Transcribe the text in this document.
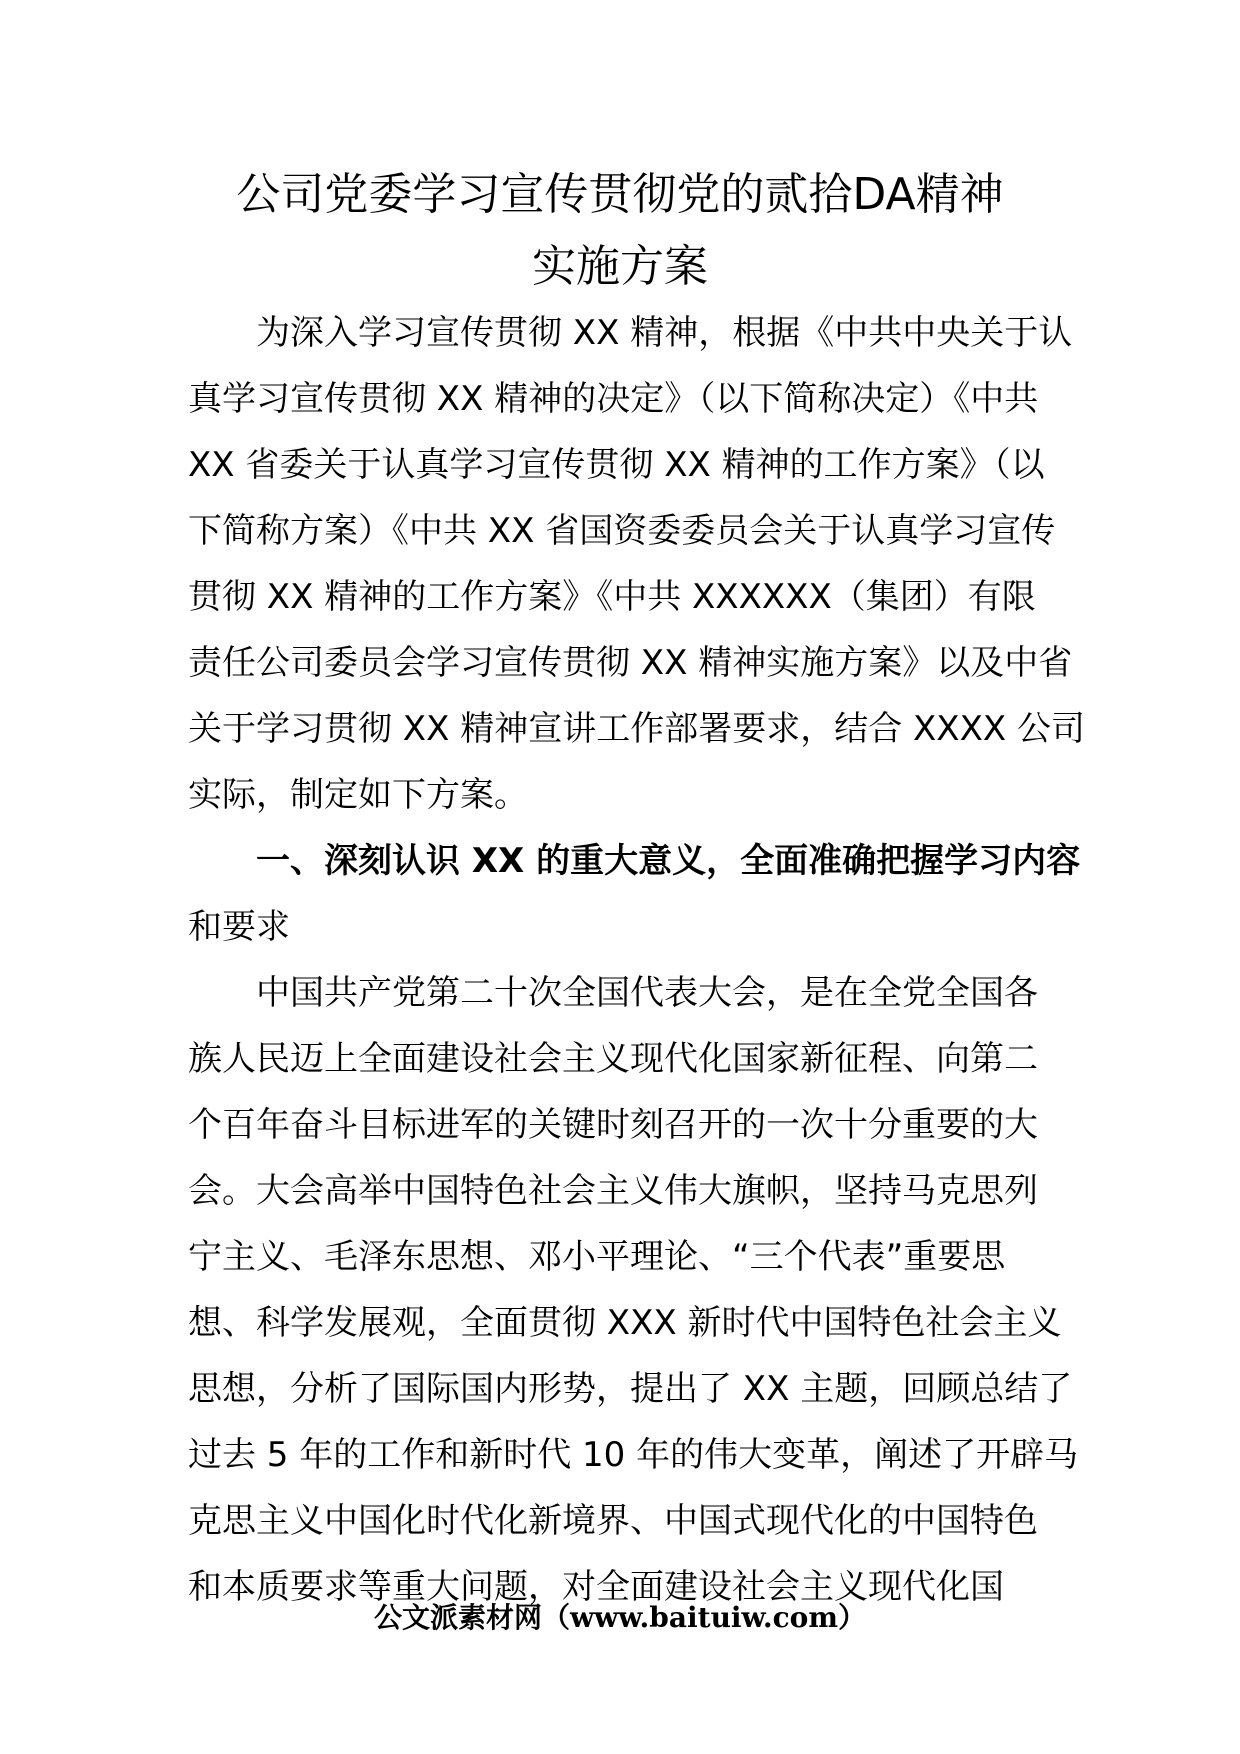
公司党委学习宣传贯彻党的贰拾DA精神
实施方案
为深入学习宣传贯彻 XX 精神，根据《中共中央关于认
真学习宣传贯彻 XX 精神的决定》（以下简称决定）《中共
XX 省委关于认真学习宣传贯彻 XX 精神的工作方案》（以
下简称方案）《中共 XX 省国资委委员会关于认真学习宣传
贯彻 XX 精神的工作方案》《中共 XXXXXX（集团）有限
责任公司委员会学习宣传贯彻 XX 精神实施方案》以及中省
关于学习贯彻 XX 精神宣讲工作部署要求，结合 XXXX 公司
实际，制定如下方案。
一、深刻认识 XX 的重大意义，全面准确把握学习内容
和要求
中国共产党第二十次全国代表大会，是在全党全国各
族人民迈上全面建设社会主义现代化国家新征程、向第二
个百年奋斗目标进军的关键时刻召开的一次十分重要的大
会。大会高举中国特色社会主义伟大旗帜，坚持马克思列
宁主义、毛泽东思想、邓小平理论、“三个代表”重要思
想、科学发展观，全面贯彻 XXX 新时代中国特色社会主义
思想，分析了国际国内形势，提出了 XX 主题，回顾总结了
过去 5 年的工作和新时代 10 年的伟大变革，阐述了开辟马
克思主义中国化时代化新境界、中国式现代化的中国特色
和本质要求等重大问题，对全面建设社会主义现代化国
公文派素材网（www.baituiw.com）
